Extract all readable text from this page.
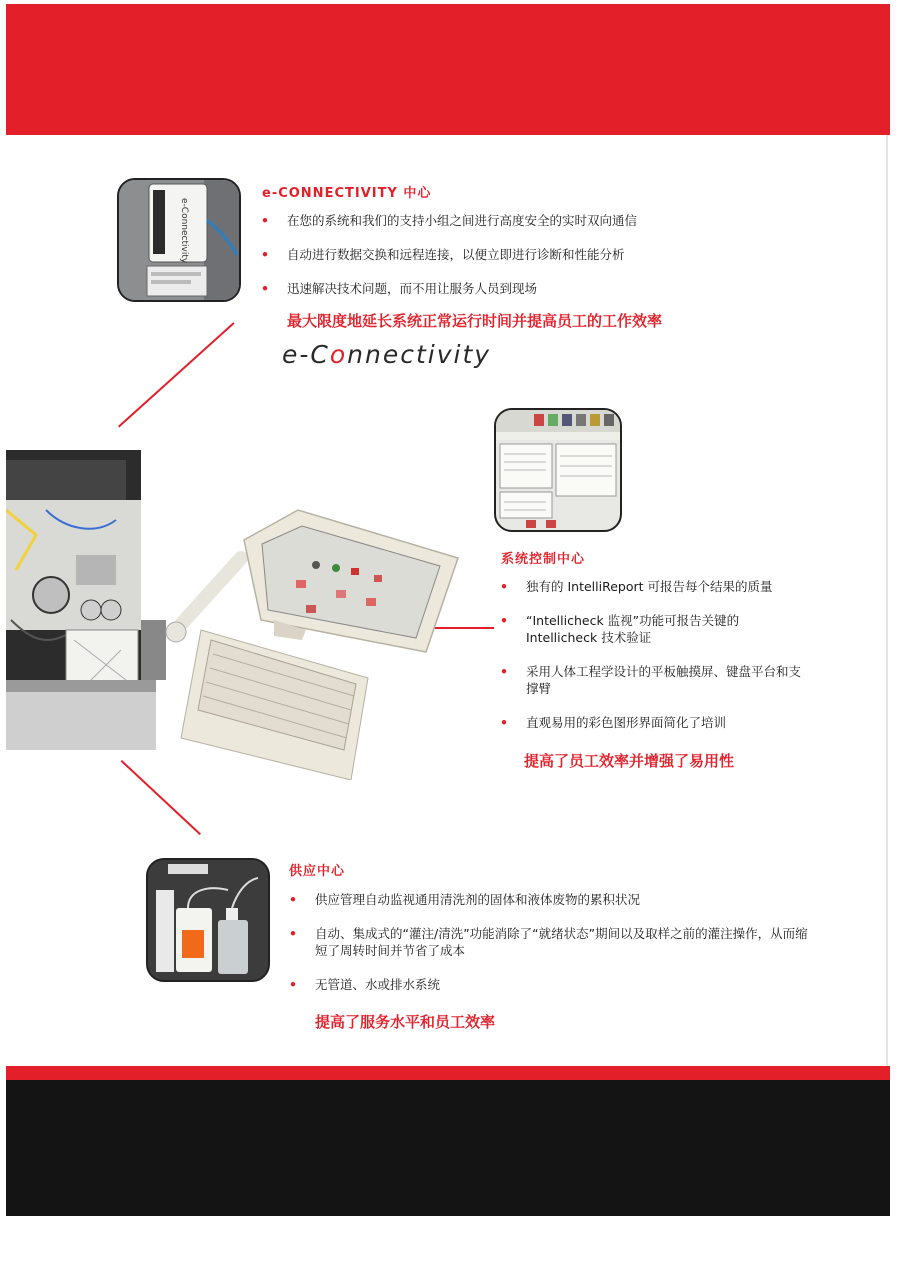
e-Connectivity
e-CONNECTIVITY 中心
• 在您的系统和我们的支持小组之间进行高度安全的实时双向通信
• 自动进行数据交换和远程连接，以便立即进行诊断和性能分析
• 迅速解决技术问题，而不用让服务人员到现场
最大限度地延长系统正常运行时间并提高员工的工作效率
e-Connectivity
系统控制中心
• 独有的 IntelliReport 可报告每个结果的质量
• “Intellicheck 监视”功能可报告关键的 Intellicheck 技术验证
• 采用人体工程学设计的平板触摸屏、键盘平台和支撑臂
• 直观易用的彩色图形界面简化了培训
提高了员工效率并增强了易用性
供应中心
• 供应管理自动监视通用清洗剂的固体和液体废物的累积状况
• 自动、集成式的“灌注/清洗”功能消除了“就绪状态”期间以及取样之前的灌注操作，从而缩短了周转时间并节省了成本
• 无管道、水或排水系统
提高了服务水平和员工效率
